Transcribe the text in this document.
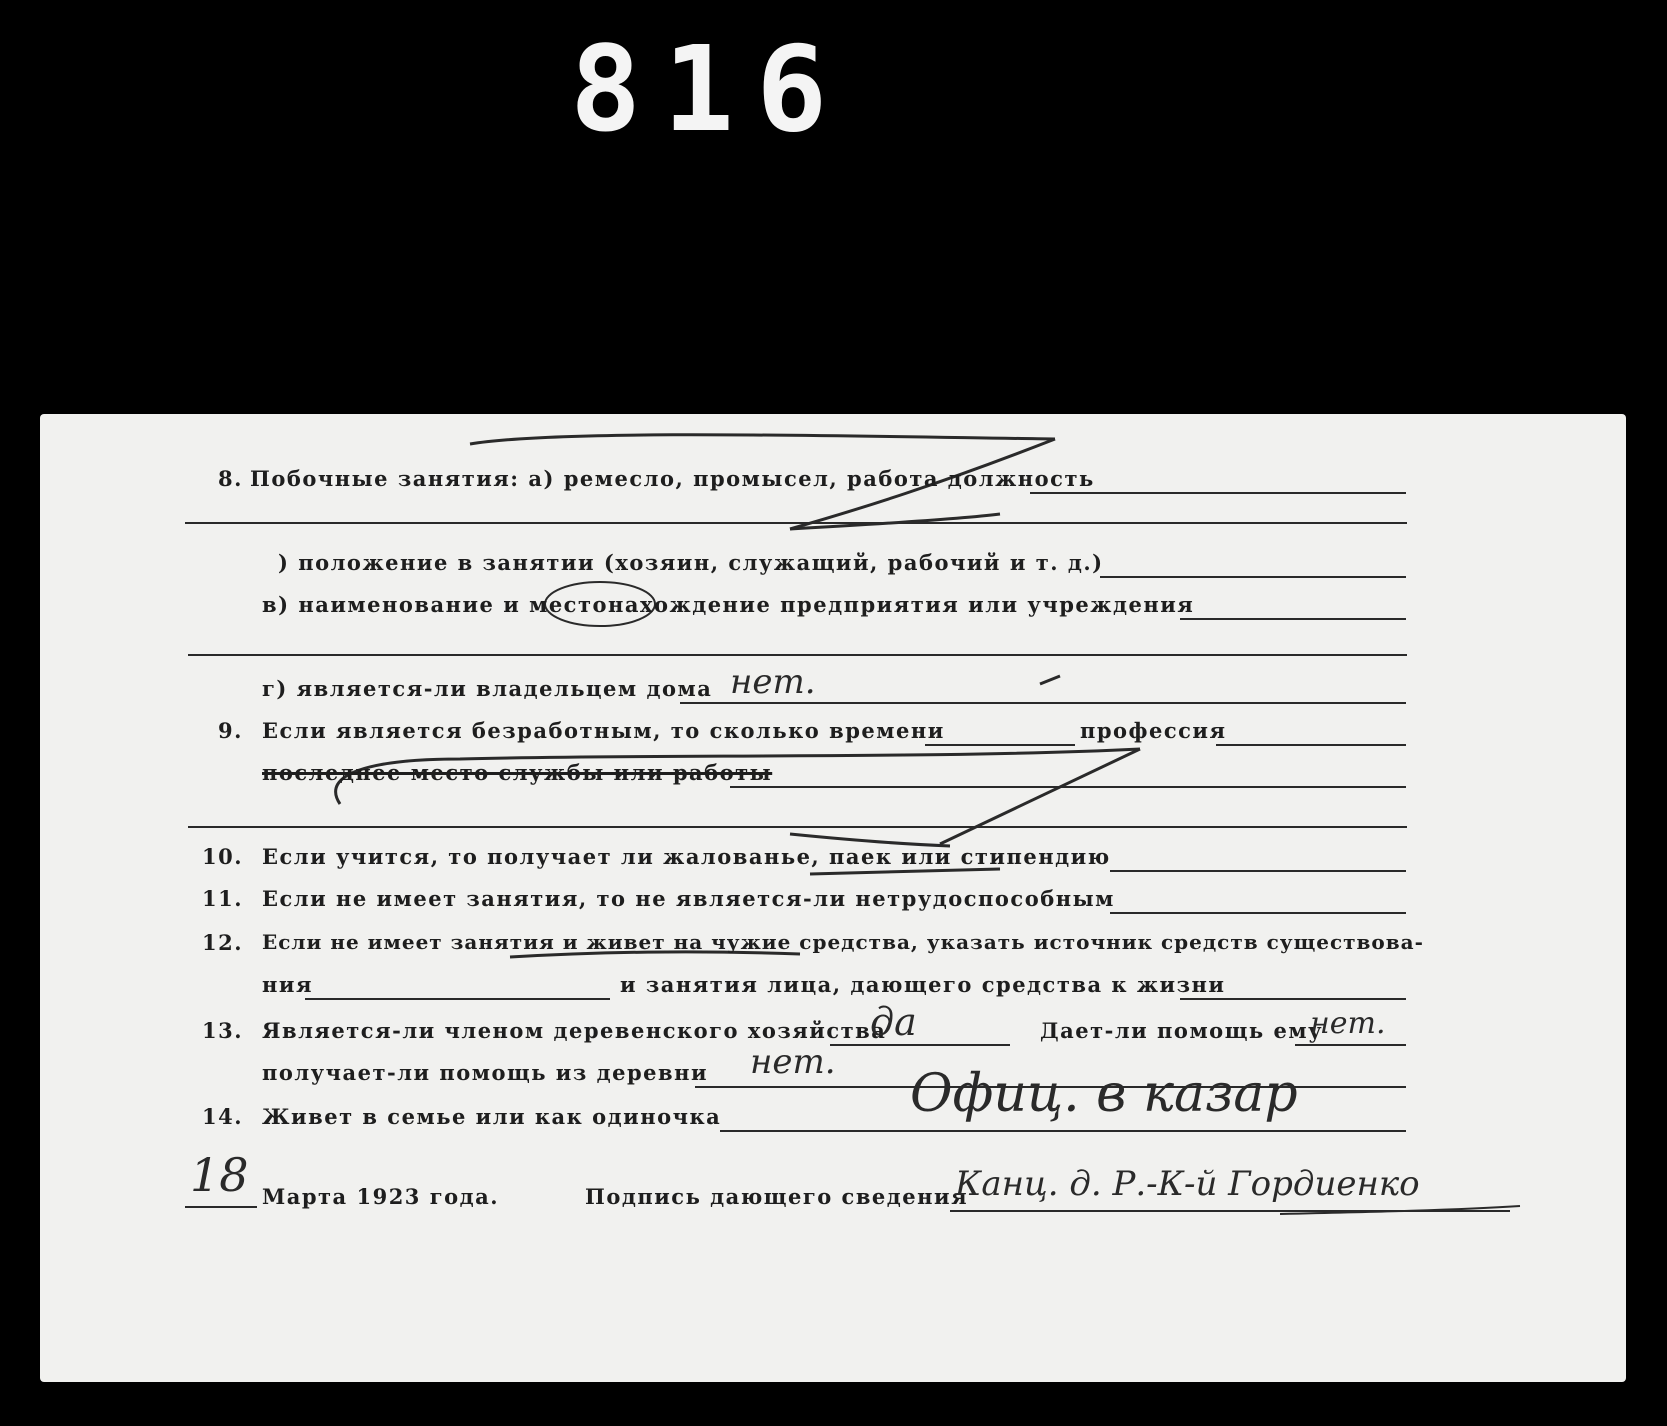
816
8. Побочные занятия: а) ремесло, промысел, работа должность
) положение в занятии (хозяин, служащий, рабочий и т. д.)
в) наименование и местонахождение предприятия или учреждения
г) является-ли владельцем дома нет.
9. Если является безработным, то сколько времени	профессия
последнее место службы или работы
10. Если учится, то получает ли жалованье, паек или стипендию
11. Если не имеет занятия, то не является-ли нетрудоспособным
12. Если не имеет занятия и живет на чужие средства, указать источник средств существова-
ния	и занятия лица, дающего средства к жизни
13. Является-ли членом деревенского хозяйства
да	Дает-ли помощь ему
нет.
получает-ли помощь из деревни нет.
14. Живет в семье или как одиночка	Офиц. в казар
18 Марта 1923 года.	Подпись дающего сведения
Канц. д. Р.-К-й Гордиенко
